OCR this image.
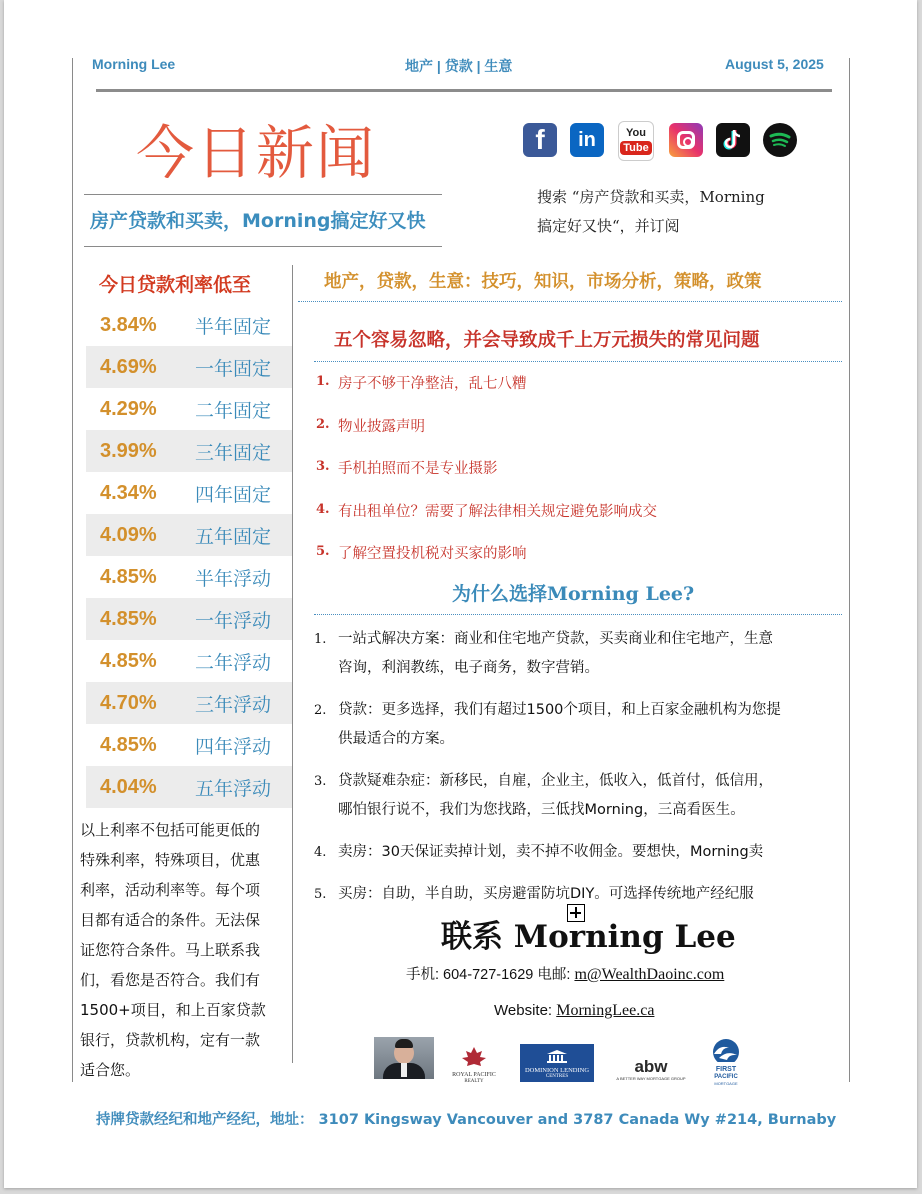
Morning Lee	地产 | 贷款 | 生意	August 5, 2025
今日新闻
房产贷款和买卖，Morning搞定好又快
f in	You
Tube
搜索 “房产贷款和买卖，Morning
搞定好又快“，并订阅
今日贷款利率低至
3.84%	半年固定
4.69%	一年固定
4.29%	二年固定
3.99%	三年固定
4.34%	四年固定
4.09%	五年固定
4.85%	半年浮动
4.85%	一年浮动
4.85%	二年浮动
4.70%	三年浮动
4.85%	四年浮动
4.04%	五年浮动
以上利率不包括可能更低的
特殊利率，特殊项目，优惠
利率，活动利率等。每个项
目都有适合的条件。无法保
证您符合条件。马上联系我
们，看您是否符合。我们有
1500+项目，和上百家贷款
银行，贷款机构，定有一款
适合您。
地产，贷款，生意：技巧，知识，市场分析，策略，政策
五个容易忽略，并会导致成千上万元损失的常见问题
1. 房子不够干净整洁，乱七八糟
2. 物业披露声明
3. 手机拍照而不是专业摄影
4. 有出租单位？需要了解法律相关规定避免影响成交
5. 了解空置投机税对买家的影响
为什么选择Morning Lee?
1. 一站式解决方案：商业和住宅地产贷款，买卖商业和住宅地产，生意
咨询，利润教练，电子商务，数字营销。
2. 贷款：更多选择，我们有超过1500个项目，和上百家金融机构为您提
供最适合的方案。
3. 贷款疑难杂症：新移民，自雇，企业主，低收入，低首付，低信用，
哪怕银行说不，我们为您找路，三低找Morning，三高看医生。
4. 卖房：30天保证卖掉计划，卖不掉不收佣金。要想快，Morning卖
5. 买房：自助，半自助，买房避雷防坑DIY。可选择传统地产经纪服
联系 Morning Lee
手机: 604-727-1629 电邮: m@WealthDaoinc.com
Website: MorningLee.ca
ROYAL PACIFIC
REALTY
DOMINION LENDING
CENTRES
abw
A BETTER WAY MORTGAGE GROUP
FIRST
PACIFIC
MORTGAGE
持牌贷款经纪和地产经纪，地址： 3107 Kingsway Vancouver and 3787 Canada Wy #214, Burnaby
